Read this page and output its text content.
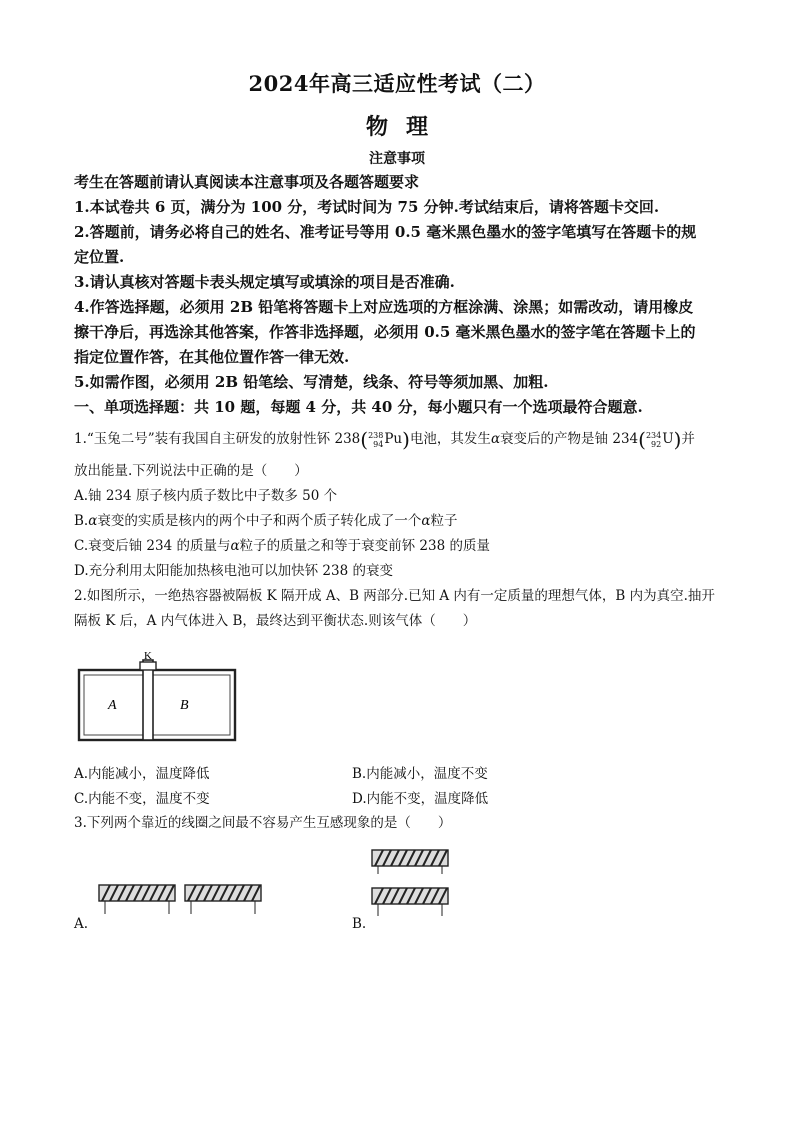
2024年高三适应性考试（二）
物理
注意事项
考生在答题前请认真阅读本注意事项及各题答题要求
1.本试卷共 6 页，满分为 100 分，考试时间为 75 分钟.考试结束后，请将答题卡交回.
2.答题前，请务必将自己的姓名、准考证号等用 0.5 毫米黑色墨水的签字笔填写在答题卡的规
定位置.
3.请认真核对答题卡表头规定填写或填涂的项目是否准确.
4.作答选择题，必须用 2B 铅笔将答题卡上对应选项的方框涂满、涂黑；如需改动，请用橡皮
擦干净后，再选涂其他答案，作答非选择题，必须用 0.5 毫米黑色墨水的签字笔在答题卡上的
指定位置作答，在其他位置作答一律无效.
5.如需作图，必须用 2B 铅笔绘、写清楚，线条、符号等须加黑、加粗.
一、单项选择题：共 10 题，每题 4 分，共 40 分，每小题只有一个选项最符合题意.
1.“玉兔二号”装有我国自主研发的放射性钚 238( 238
94 Pu)电池，其发生α衰变后的产物是铀 234( 234
92 U)并
放出能量.下列说法中正确的是（　　）
A.铀 234 原子核内质子数比中子数多 50 个
B.α衰变的实质是核内的两个中子和两个质子转化成了一个α粒子
C.衰变后铀 234 的质量与α粒子的质量之和等于衰变前钚 238 的质量
D.充分利用太阳能加热核电池可以加快钚 238 的衰变
2.如图所示，一绝热容器被隔板 K 隔开成 A、B 两部分.已知 A 内有一定质量的理想气体，B 内为真空.抽开
隔板 K 后，A 内气体进入 B，最终达到平衡状态.则该气体（　　）
K
A	B
A.内能减小，温度降低	B.内能减小，温度不变
C.内能不变，温度不变	D.内能不变，温度降低
3.下列两个靠近的线圈之间最不容易产生互感现象的是（　　）
A.	B.
